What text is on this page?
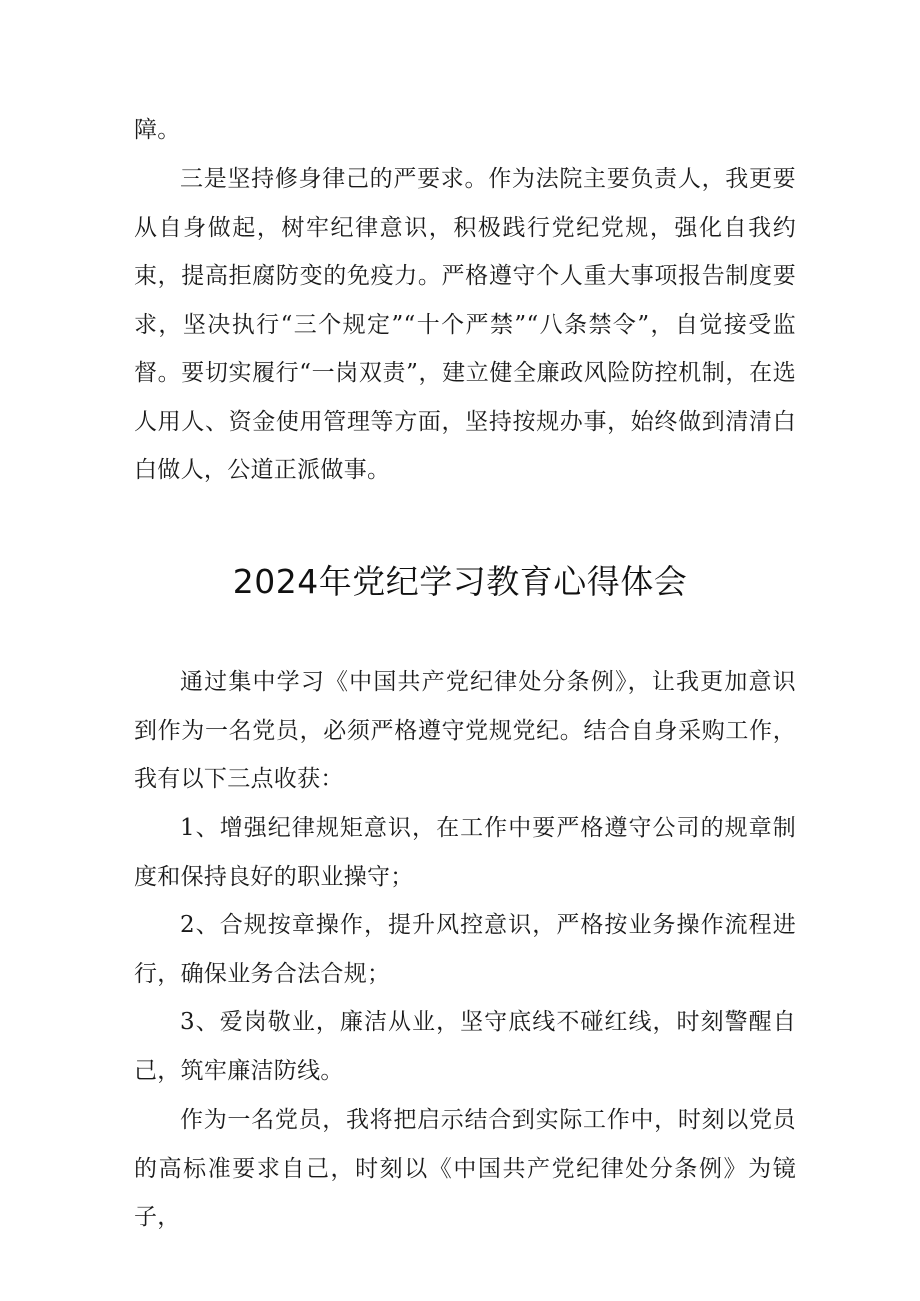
障。

三是坚持修身律己的严要求。作为法院主要负责人，我更要从自身做起，树牢纪律意识，积极践行党纪党规，强化自我约束，提高拒腐防变的免疫力。严格遵守个人重大事项报告制度要求，坚决执行“三个规定”“十个严禁”“八条禁令”，自觉接受监督。要切实履行“一岗双责”，建立健全廉政风险防控机制，在选人用人、资金使用管理等方面，坚持按规办事，始终做到清清白白做人，公道正派做事。

2024年党纪学习教育心得体会

通过集中学习《中国共产党纪律处分条例》，让我更加意识到作为一名党员，必须严格遵守党规党纪。结合自身采购工作，我有以下三点收获：

1、增强纪律规矩意识，在工作中要严格遵守公司的规章制度和保持良好的职业操守；

2、合规按章操作，提升风控意识，严格按业务操作流程进行，确保业务合法合规；

3、爱岗敬业，廉洁从业，坚守底线不碰红线，时刻警醒自己，筑牢廉洁防线。

作为一名党员，我将把启示结合到实际工作中，时刻以党员的高标准要求自己，时刻以《中国共产党纪律处分条例》为镜子，
